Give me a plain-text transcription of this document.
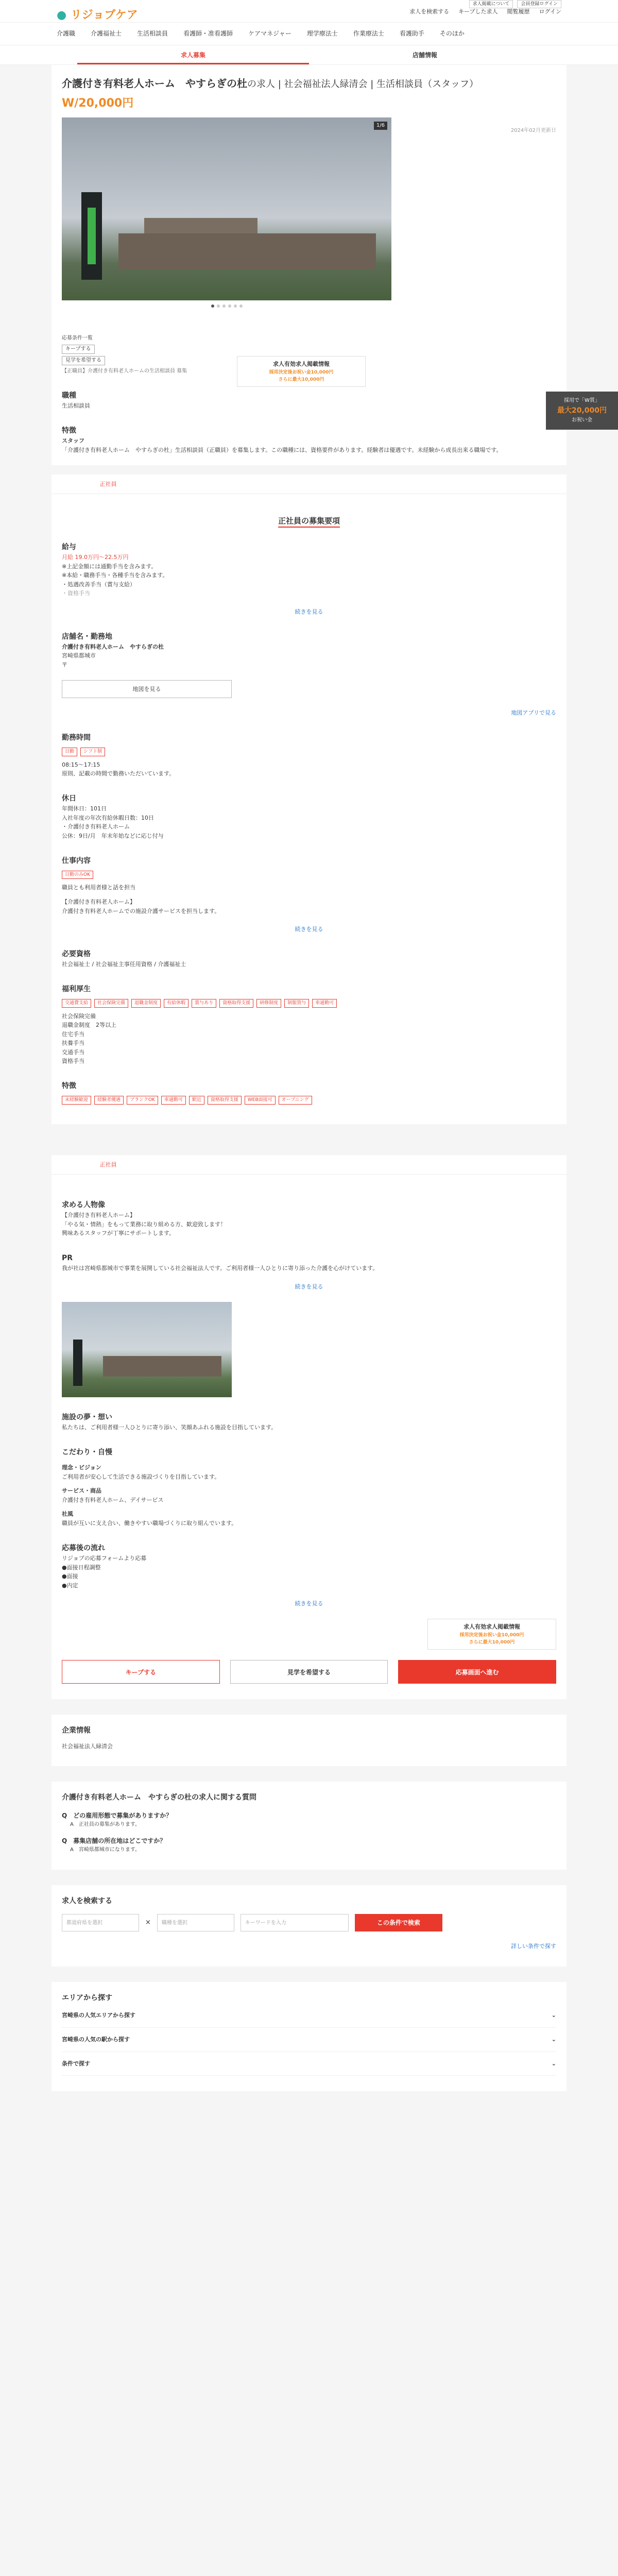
● リジョブケア
求人掲載について	会員登録ログイン
求人を検索する キープした求人 閲覧履歴 ログイン
介護職	介護福祉士	生活相談員	看護師・准看護師	ケアマネジャー	理学療法士	作業療法士	看護助手	そのほか
求人募集	店舗情報
介護付き有料老人ホーム　やすらぎの杜の求人 | 社会福祉法人緑清会 | 生活相談員（スタッフ）
W/20,000円
2024年02月更新日
1/6
求人有効求人掲載情報
採用決定後お祝い金10,000円
さらに最大10,000円
応募条件一覧
キープする
見学を希望する
【正職員】介護付き有料老人ホームの生活相談員 募集
職種

生活相談員

特徴

スタッフ

「介護付き有料老人ホーム　やすらぎの杜」生活相談員（正職員）を募集します。この職種には、資格要件があります。経験者は優遇です。未経験から成長出来る職場です。

採用で「W賞」
最大20,000円
お祝い金
正社員
正社員の募集要項
給与

月給 19.0万円〜22.5万円

※上記金額には通勤手当を含みます。

※本給・職務手当・各種手当を含みます。

・処遇改善手当（賞与支給）

・資格手当

続きを見る
店舗名・勤務地

介護付き有料老人ホーム　やすらぎの杜

宮崎県都城市

〒

地図を見る
地図アプリで見る
勤務時間
日勤	シフト制

08:15〜17:15

原則、記載の時間で勤務いただいています。

休日

年間休日：101日

入社年度の年次有給休暇日数：10日

・介護付き有料老人ホーム

公休：9日/月　年末年始などに応じ付与

仕事内容
日勤のみOK

職員とも利用者様と話を担当

【介護付き有料老人ホーム】

介護付き有料老人ホームでの施設介護サービスを担当します。

続きを見る
必要資格

社会福祉士 / 社会福祉主事任用資格 / 介護福祉士

福利厚生
交通費支給	社会保険完備	退職金制度	有給休暇	賞与あり	資格取得支援	研修制度	制服貸与	車通勤可

社会保険完備

退職金制度　2等以上

住宅手当

扶養手当

交通手当

資格手当

特徴
未経験歓迎	経験者優遇	ブランクOK	車通勤可	駅近	資格取得支援	WEB面接可	オープニング
正社員
求める人物像

【介護付き有料老人ホーム】

「やる気・情熱」をもって業務に取り組める方、歓迎致します！

興味あるスタッフが丁寧にサポートします。

PR

我が社は宮崎県都城市で事業を展開している社会福祉法人です。ご利用者様一人ひとりに寄り添った介護を心がけています。

続きを見る
施設の夢・想い

私たちは、ご利用者様一人ひとりに寄り添い、笑顔あふれる施設を目指しています。

こだわり・自慢

理念・ビジョン

ご利用者が安心して生活できる施設づくりを目指しています。

サービス・商品

介護付き有料老人ホーム、デイサービス

社風

職員が互いに支え合い、働きやすい職場づくりに取り組んでいます。

応募後の流れ

リジョブの応募フォームより応募

●面接日程調整

●面接

●内定

続きを見る
求人有効求人掲載情報
採用決定後お祝い金10,000円
さらに最大10,000円
キープする	見学を希望する	応募画面へ進む
企業情報

社会福祉法人緑清会

介護付き有料老人ホーム　やすらぎの杜の求人に関する質問
Q　どの雇用形態で募集がありますか？
A　正社員の募集があります。
Q　募集店舗の所在地はどこですか？
A　宮崎県都城市になります。
求人を検索する
都道府県を選択	×	職種を選択	キーワードを入力	この条件で検索
詳しい条件で探す
エリアから探す
宮崎県の人気エリアから探す	⌄
宮崎県の人気の駅から探す	⌄
条件で探す	⌄
